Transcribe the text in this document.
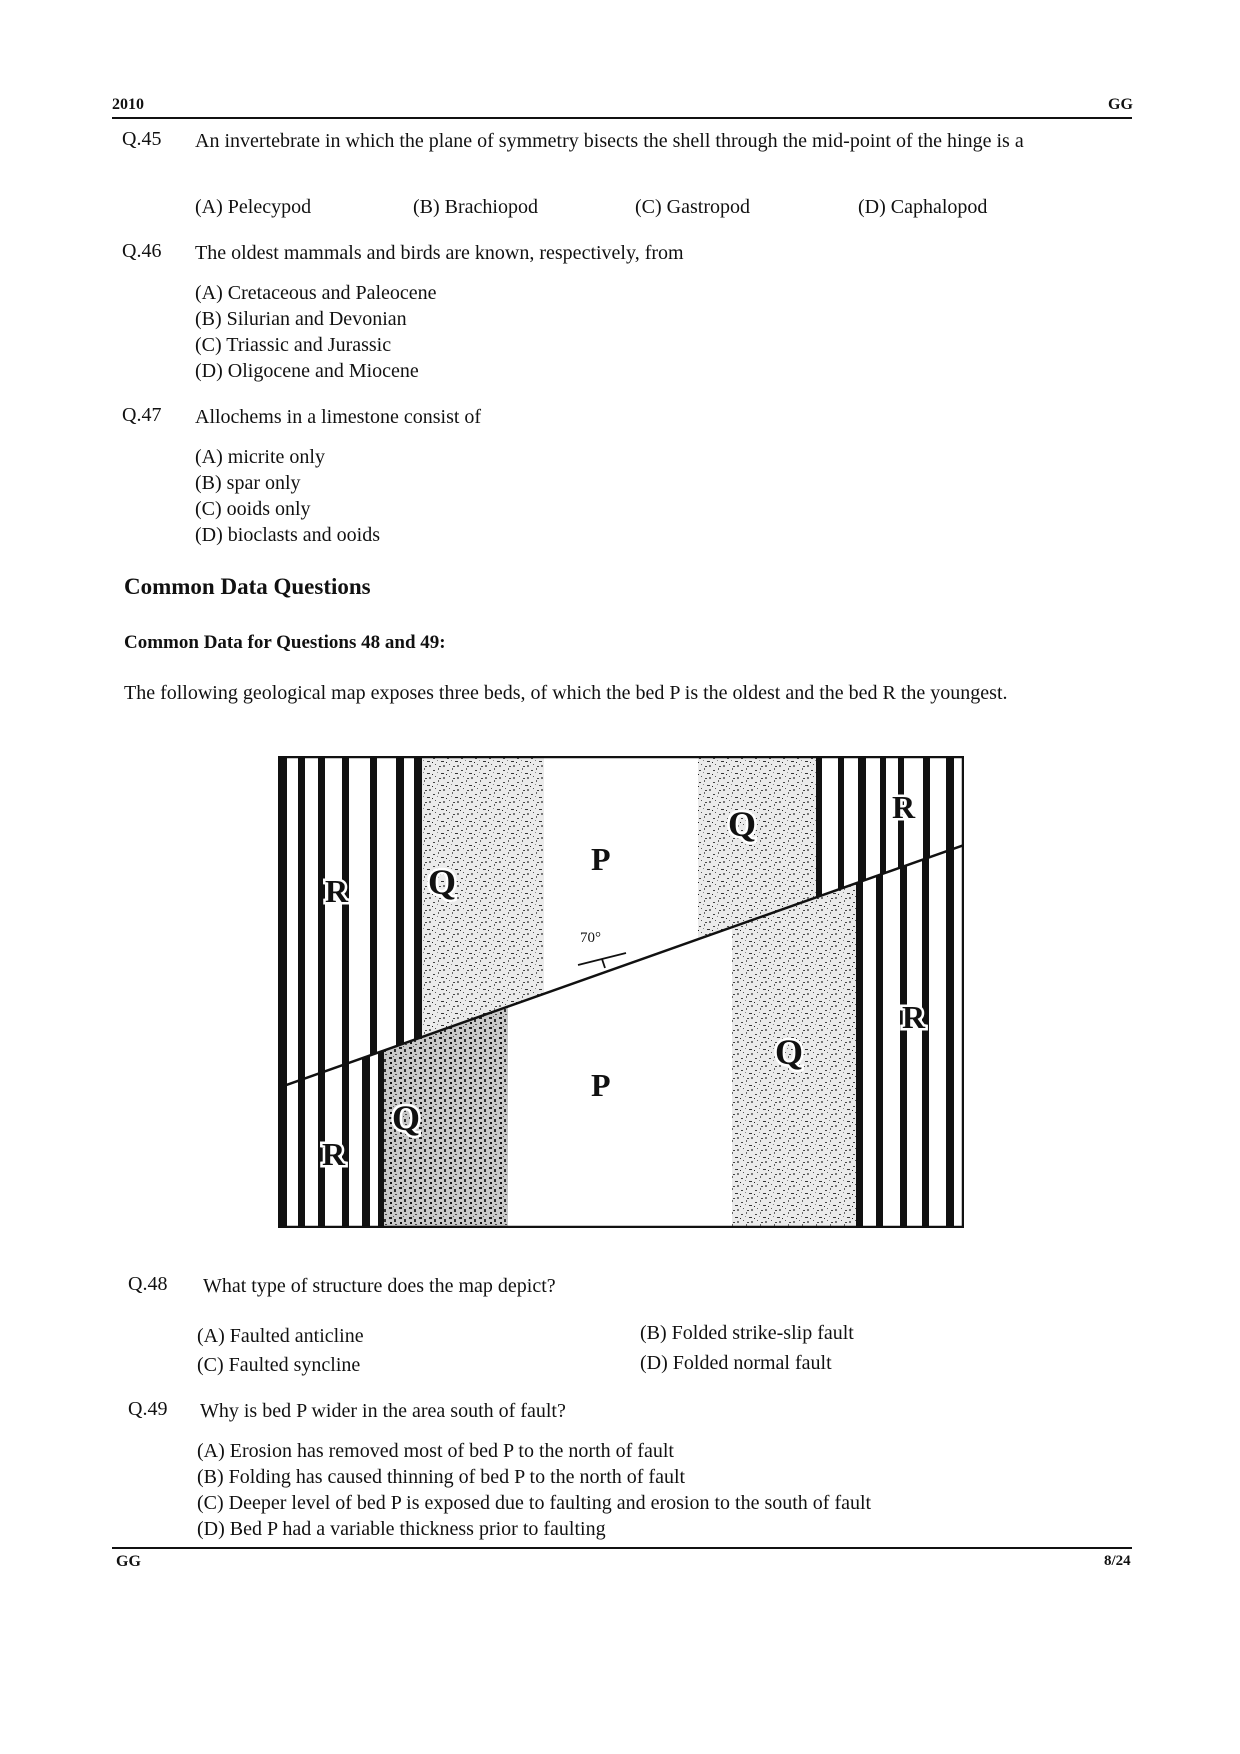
2010	GG
Q.45 An invertebrate in which the plane of symmetry bisects the shell through the mid-point of the hinge is a
(A) Pelecypod	(B) Brachiopod	(C) Gastropod	(D) Caphalopod
Q.46 The oldest mammals and birds are known, respectively, from
(A) Cretaceous and Paleocene
(B) Silurian and Devonian
(C) Triassic and Jurassic
(D) Oligocene and Miocene
Q.47 Allochems in a limestone consist of
(A) micrite only
(B) spar only
(C) ooids only
(D) bioclasts and ooids
Common Data Questions
Common Data for Questions 48 and 49:
The following geological map exposes three beds, of which the bed P is the oldest and the bed R the youngest.
70°
R Q
P
Q	R
R
Q
P
Q
R
Q.48 What type of structure does the map depict?
(A) Faulted anticline	(B) Folded strike-slip fault
(C) Faulted syncline	(D) Folded normal fault
Q.49 Why is bed P wider in the area south of fault?
(A) Erosion has removed most of bed P to the north of fault
(B) Folding has caused thinning of bed P to the north of fault
(C) Deeper level of bed P is exposed due to faulting and erosion to the south of fault
(D) Bed P had a variable thickness prior to faulting
GG	8/24
